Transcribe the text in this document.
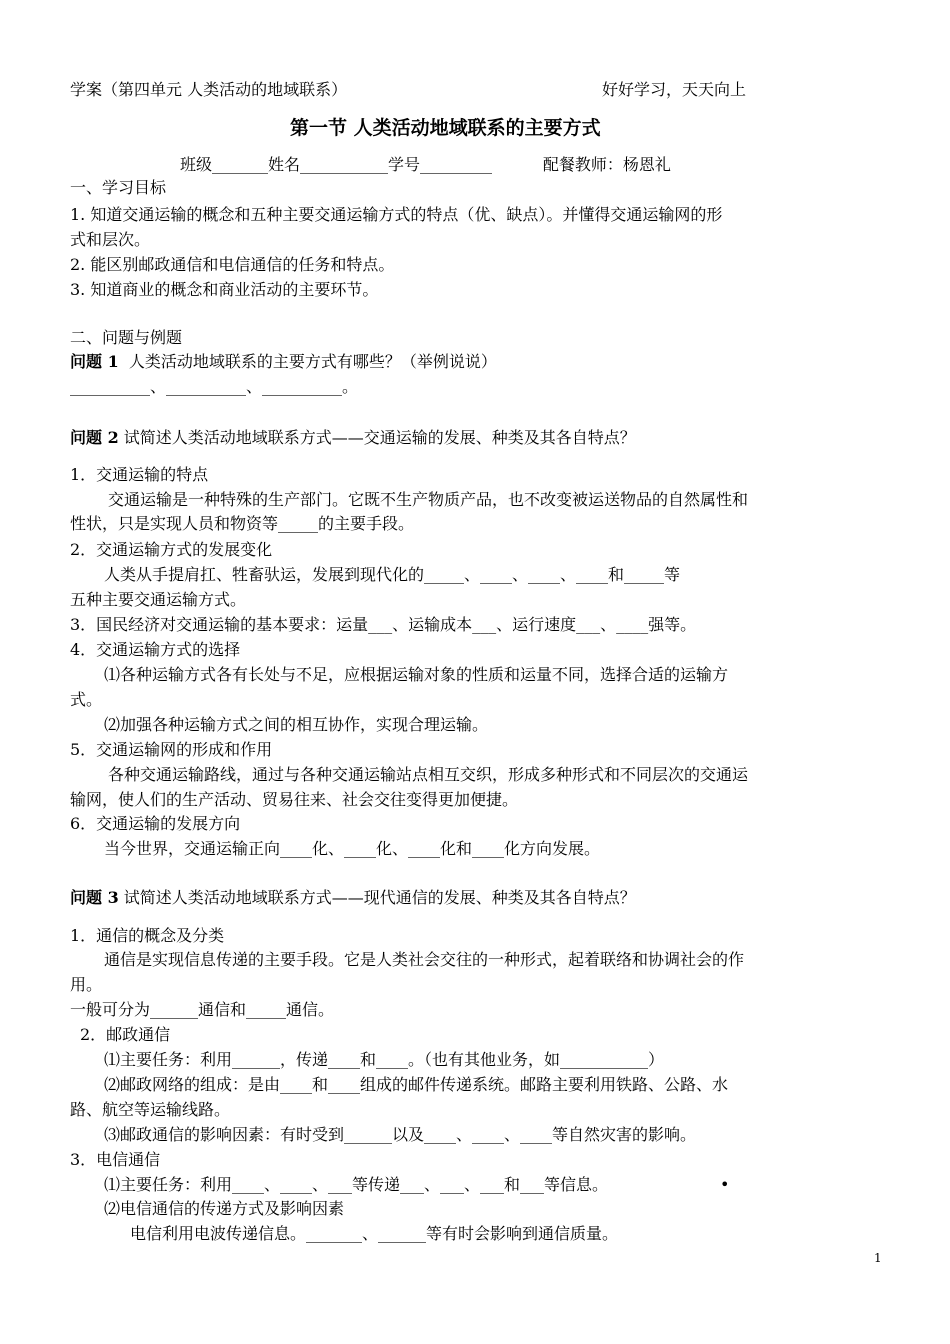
学案（第四单元 人类活动的地域联系）	好好学习，天天向上
第一节 人类活动地域联系的主要方式
班级_______姓名___________学号_________          配餐教师：杨恩礼
一、学习目标
1. 知道交通运输的概念和五种主要交通运输方式的特点（优、缺点）。并懂得交通运输网的形
式和层次。
2. 能区别邮政通信和电信通信的任务和特点。
3. 知道商业的概念和商业活动的主要环节。
二、问题与例题
问题 1  人类活动地域联系的主要方式有哪些？（举例说说）
__________、__________、__________。
问题 2 试简述人类活动地域联系方式——交通运输的发展、种类及其各自特点？
1．交通运输的特点
交通运输是一种特殊的生产部门。它既不生产物质产品，也不改变被运送物品的自然属性和
性状，只是实现人员和物资等_____的主要手段。
2．交通运输方式的发展变化
人类从手提肩扛、牲畜驮运，发展到现代化的_____、____、____、____和_____等
五种主要交通运输方式。
3．国民经济对交通运输的基本要求：运量___、运输成本___、运行速度___、____强等。
4．交通运输方式的选择
⑴各种运输方式各有长处与不足，应根据运输对象的性质和运量不同，选择合适的运输方
式。
⑵加强各种运输方式之间的相互协作，实现合理运输。
5．交通运输网的形成和作用
各种交通运输路线，通过与各种交通运输站点相互交织，形成多种形式和不同层次的交通运
输网，使人们的生产活动、贸易往来、社会交往变得更加便捷。
6．交通运输的发展方向
当今世界，交通运输正向____化、____化、____化和____化方向发展。
问题 3 试简述人类活动地域联系方式——现代通信的发展、种类及其各自特点？
1．通信的概念及分类
通信是实现信息传递的主要手段。它是人类社会交往的一种形式，起着联络和协调社会的作
用。
一般可分为______通信和_____通信。
2．邮政通信
⑴主要任务：利用______，传递____和____。（也有其他业务，如___________）
⑵邮政网络的组成：是由____和____组成的邮件传递系统。邮路主要利用铁路、公路、水
路、航空等运输线路。
⑶邮政通信的影响因素：有时受到______以及____、____、____等自然灾害的影响。
3．电信通信
⑴主要任务：利用____、____、___等传递___、___、___和___等信息。	•
⑵电信通信的传递方式及影响因素
电信利用电波传递信息。_______、______等有时会影响到通信质量。
1
